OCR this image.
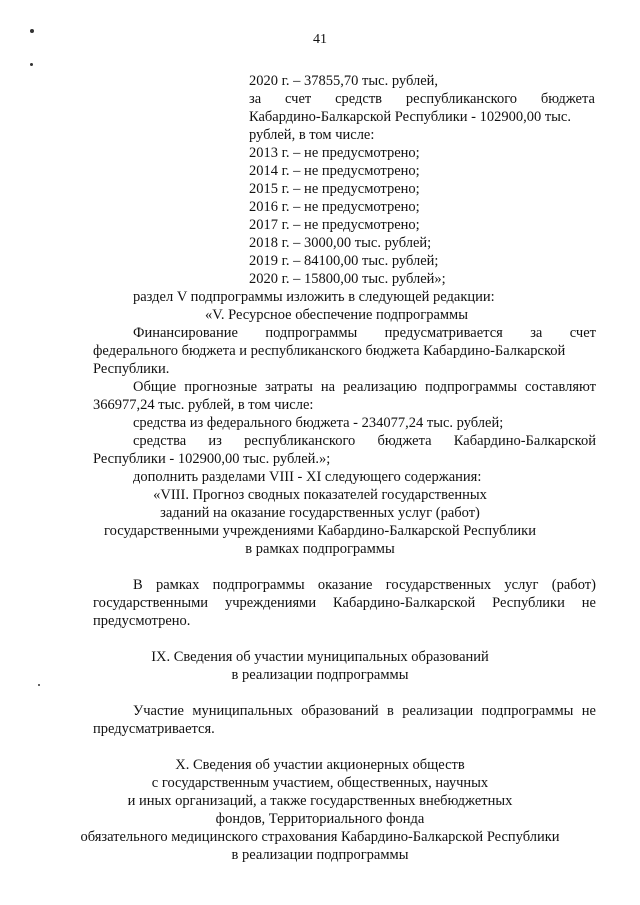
41
2020 г. – 37855,70 тыс. рублей,
за счет средств республиканского бюджета
Кабардино-Балкарской Республики - 102900,00 тыс.
рублей, в том числе:
2013 г. – не предусмотрено;
2014 г. – не предусмотрено;
2015 г. – не предусмотрено;
2016 г. – не предусмотрено;
2017 г. – не предусмотрено;
2018 г. – 3000,00 тыс. рублей;
2019 г. – 84100,00 тыс. рублей;
2020 г. – 15800,00 тыс. рублей»;
раздел V подпрограммы изложить в следующей редакции:
«V. Ресурсное обеспечение подпрограммы
Финансирование подпрограммы предусматривается за счет
федерального бюджета и республиканского бюджета Кабардино-Балкарской
Республики.
Общие прогнозные затраты на реализацию подпрограммы составляют
366977,24 тыс. рублей, в том числе:
средства из федерального бюджета - 234077,24 тыс. рублей;
средства из республиканского бюджета Кабардино-Балкарской
Республики - 102900,00 тыс. рублей.»;
дополнить разделами VIII - XI следующего содержания:
«VIII. Прогноз сводных показателей государственных
заданий на оказание государственных услуг (работ)
государственными учреждениями Кабардино-Балкарской Республики
в рамках подпрограммы
В рамках подпрограммы оказание государственных услуг (работ)
государственными учреждениями Кабардино-Балкарской Республики не
предусмотрено.
IX. Сведения об участии муниципальных образований
в реализации подпрограммы
Участие муниципальных образований в реализации подпрограммы не
предусматривается.
X. Сведения об участии акционерных обществ
с государственным участием, общественных, научных
и иных организаций, а также государственных внебюджетных
фондов, Территориального фонда
обязательного медицинского страхования Кабардино-Балкарской Республики
в реализации подпрограммы
